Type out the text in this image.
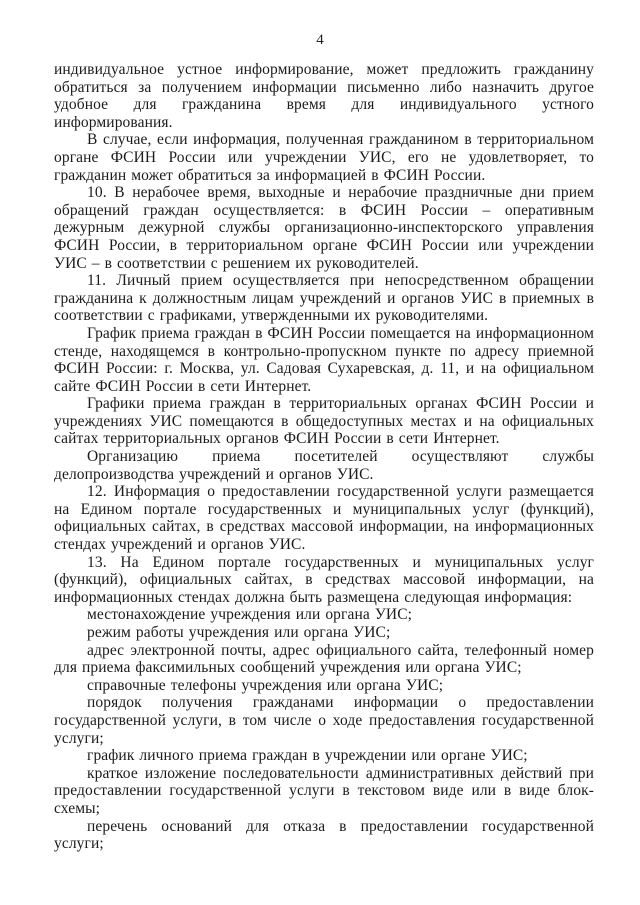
4

индивидуальное устное информирование, может предложить гражданину обратиться за получением информации письменно либо назначить другое удобное для гражданина время для индивидуального устного информирования.

В случае, если информация, полученная гражданином в территориальном органе ФСИН России или учреждении УИС, его не удовлетворяет, то гражданин может обратиться за информацией в ФСИН России.

10. В нерабочее время, выходные и нерабочие праздничные дни прием обращений граждан осуществляется: в ФСИН России – оперативным дежурным дежурной службы организационно-инспекторского управления ФСИН России, в территориальном органе ФСИН России или учреждении УИС – в соответствии с решением их руководителей.

11. Личный прием осуществляется при непосредственном обращении гражданина к должностным лицам учреждений и органов УИС в приемных в соответствии с графиками, утвержденными их руководителями.

График приема граждан в ФСИН России помещается на информационном стенде, находящемся в контрольно-пропускном пункте по адресу приемной ФСИН России: г. Москва, ул. Садовая Сухаревская, д. 11, и на официальном сайте ФСИН России в сети Интернет.

Графики приема граждан в территориальных органах ФСИН России и учреждениях УИС помещаются в общедоступных местах и на официальных сайтах территориальных органов ФСИН России в сети Интернет.

Организацию приема посетителей осуществляют службы делопроизводства учреждений и органов УИС.

12. Информация о предоставлении государственной услуги размещается на Едином портале государственных и муниципальных услуг (функций), официальных сайтах, в средствах массовой информации, на информационных стендах учреждений и органов УИС.

13. На Едином портале государственных и муниципальных услуг (функций), официальных сайтах, в средствах массовой информации, на информационных стендах должна быть размещена следующая информация:

местонахождение учреждения или органа УИС;

режим работы учреждения или органа УИС;

адрес электронной почты, адрес официального сайта, телефонный номер для приема факсимильных сообщений учреждения или органа УИС;

справочные телефоны учреждения или органа УИС;

порядок получения гражданами информации о предоставлении государственной услуги, в том числе о ходе предоставления государственной услуги;

график личного приема граждан в учреждении или органе УИС;

краткое изложение последовательности административных действий при предоставлении государственной услуги в текстовом виде или в виде блок-схемы;

перечень оснований для отказа в предоставлении государственной услуги;
